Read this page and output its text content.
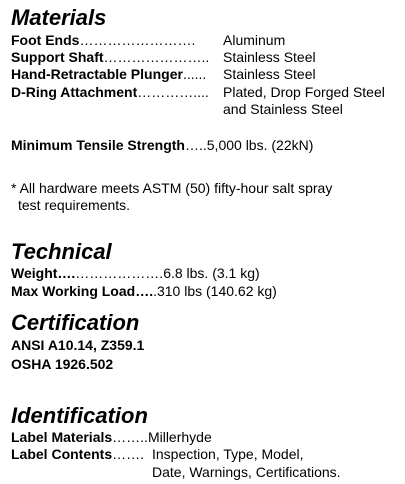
Materials
Foot Ends……………………. Aluminum
Support Shaft………………….. Stainless Steel
Hand-Retractable Plunger...... Stainless Steel
D-Ring Attachment………….... Plated, Drop Forged Steel
and Stainless Steel
Minimum Tensile Strength…..5,000 lbs. (22kN)
* All hardware meets ASTM (50) fifty-hour salt spray
test requirements.
Technical
Weight….……………….6.8 lbs. (3.1 kg)
Max Working Load…..310 lbs (140.62 kg)
Certification
ANSI A10.14, Z359.1
OSHA 1926.502
Identification
Label Materials……..Millerhyde
Label Contents……. Inspection, Type, Model,
Date, Warnings, Certifications.
